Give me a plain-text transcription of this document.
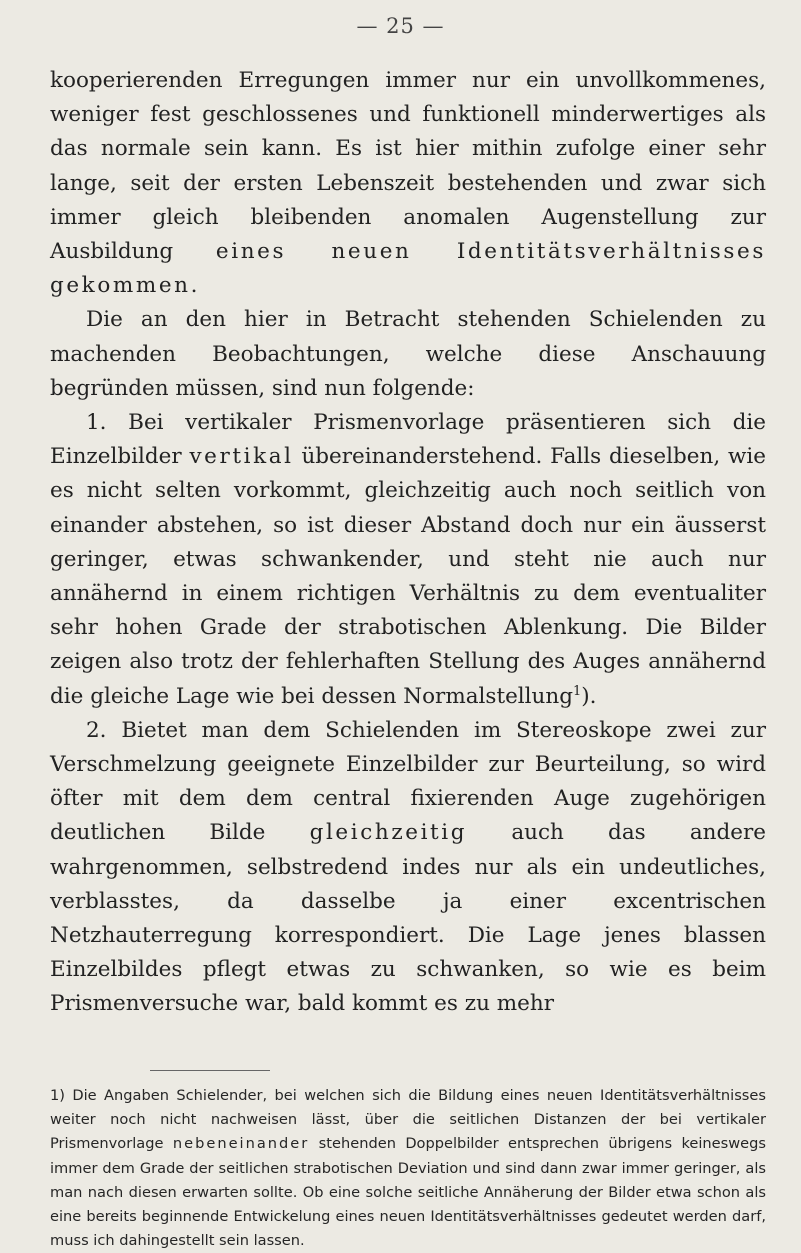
— 25 —

kooperierenden Erregungen immer nur ein unvollkommenes, weniger fest geschlossenes und funktionell minderwertiges als das normale sein kann. Es ist hier mithin zufolge einer sehr lange, seit der ersten Lebenszeit bestehenden und zwar sich immer gleich bleibenden anomalen Augenstellung zur Ausbildung eines neuen Identitätsverhältnisses gekommen.

Die an den hier in Betracht stehenden Schielenden zu machenden Beobachtungen, welche diese Anschauung begründen müssen, sind nun folgende:

1. Bei vertikaler Prismenvorlage präsentieren sich die Einzelbilder vertikal übereinanderstehend. Falls dieselben, wie es nicht selten vorkommt, gleichzeitig auch noch seitlich von einander abstehen, so ist dieser Abstand doch nur ein äusserst geringer, etwas schwankender, und steht nie auch nur annähernd in einem richtigen Verhältnis zu dem eventualiter sehr hohen Grade der strabotischen Ablenkung. Die Bilder zeigen also trotz der fehlerhaften Stellung des Auges annähernd die gleiche Lage wie bei dessen Normalstellung$^1$).

2. Bietet man dem Schielenden im Stereoskope zwei zur Verschmelzung geeignete Einzelbilder zur Beurteilung, so wird öfter mit dem dem central fixierenden Auge zugehörigen deutlichen Bilde gleichzeitig auch das andere wahrgenommen, selbstredend indes nur als ein undeutliches, verblasstes, da dasselbe ja einer excentrischen Netzhauterregung korrespondiert. Die Lage jenes blassen Einzelbildes pflegt etwas zu schwanken, so wie es beim Prismenversuche war, bald kommt es zu mehr

1) Die Angaben Schielender, bei welchen sich die Bildung eines neuen Identitätsverhältnisses weiter noch nicht nachweisen lässt, über die seitlichen Distanzen der bei vertikaler Prismenvorlage nebeneinander stehenden Doppelbilder entsprechen übrigens keineswegs immer dem Grade der seitlichen strabotischen Deviation und sind dann zwar immer geringer, als man nach diesen erwarten sollte. Ob eine solche seitliche Annäherung der Bilder etwa schon als eine bereits beginnende Entwickelung eines neuen Identitätsverhältnisses gedeutet werden darf, muss ich dahingestellt sein lassen.
